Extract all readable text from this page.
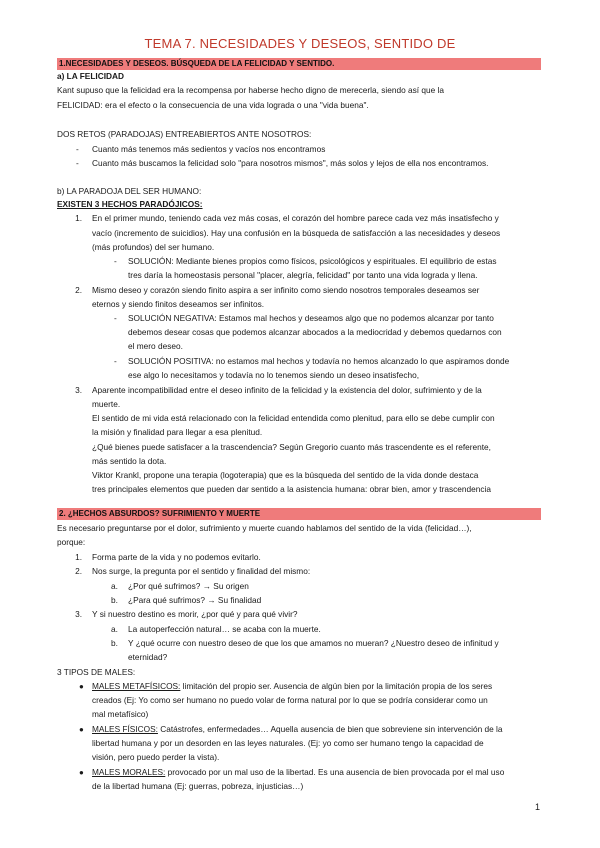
TEMA 7. NECESIDADES Y DESEOS, SENTIDO DE
1.NECESIDADES Y DESEOS. BÚSQUEDA DE LA FELICIDAD Y SENTIDO.
a) LA FELICIDAD
Kant supuso que la felicidad era la recompensa por haberse hecho digno de merecerla, siendo así que la
FELICIDAD: era el efecto o la consecuencia de una vida lograda o una "vida buena".
DOS RETOS (PARADOJAS) ENTREABIERTOS ANTE NOSOTROS:
- Cuanto más tenemos más sedientos y vacíos nos encontramos
- Cuanto más buscamos la felicidad solo "para nosotros mismos", más solos y lejos de ella nos encontramos.
b) LA PARADOJA DEL SER HUMANO:
EXISTEN 3 HECHOS PARADÓJICOS:
1. En el primer mundo, teniendo cada vez más cosas, el corazón del hombre parece cada vez más insatisfecho y
vacío (incremento de suicidios). Hay una confusión en la búsqueda de satisfacción a las necesidades y deseos
(más profundos) del ser humano.
- SOLUCIÓN: Mediante bienes propios como físicos, psicológicos y espirituales. El equilibrio de estas
tres daría la homeostasis personal "placer, alegría, felicidad" por tanto una vida lograda y llena.
2. Mismo deseo y corazón siendo finito aspira a ser infinito como siendo nosotros temporales deseamos ser
eternos y siendo finitos deseamos ser infinitos.
- SOLUCIÓN NEGATIVA: Estamos mal hechos y deseamos algo que no podemos alcanzar por tanto
debemos desear cosas que podemos alcanzar abocados a la mediocridad y debemos quedarnos con
el mero deseo.
- SOLUCIÓN POSITIVA: no estamos mal hechos y todavía no hemos alcanzado lo que aspiramos donde
ese algo lo necesitamos y todavía no lo tenemos siendo un deseo insatisfecho,
3. Aparente incompatibilidad entre el deseo infinito de la felicidad y la existencia del dolor, sufrimiento y de la
muerte.
El sentido de mi vida está relacionado con la felicidad entendida como plenitud, para ello se debe cumplir con
la misión y finalidad para llegar a esa plenitud.
¿Qué bienes puede satisfacer a la trascendencia? Según Gregorio cuanto más trascendente es el referente,
más sentido la dota.
Viktor Krankl, propone una terapia (logoterapia) que es la búsqueda del sentido de la vida donde destaca
tres principales elementos que pueden dar sentido a la asistencia humana: obrar bien, amor y trascendencia
2. ¿HECHOS ABSURDOS? SUFRIMIENTO Y MUERTE
Es necesario preguntarse por el dolor, sufrimiento y muerte cuando hablamos del sentido de la vida (felicidad…),
porque:
1. Forma parte de la vida y no podemos evitarlo.
2. Nos surge, la pregunta por el sentido y finalidad del mismo:
a. ¿Por qué sufrimos? → Su origen
b. ¿Para qué sufrimos? → Su finalidad
3. Y si nuestro destino es morir, ¿por qué y para qué vivir?
a. La autoperfección natural… se acaba con la muerte.
b. Y ¿qué ocurre con nuestro deseo de que los que amamos no mueran? ¿Nuestro deseo de infinitud y
eternidad?
3 TIPOS DE MALES:
● MALES METAFÍSICOS: limitación del propio ser. Ausencia de algún bien por la limitación propia de los seres
creados (Ej: Yo como ser humano no puedo volar de forma natural por lo que se podría considerar como un
mal metafísico)
● MALES FÍSICOS: Catástrofes, enfermedades… Aquella ausencia de bien que sobreviene sin intervención de la
libertad humana y por un desorden en las leyes naturales. (Ej: yo como ser humano tengo la capacidad de
visión, pero puedo perder la vista).
● MALES MORALES: provocado por un mal uso de la libertad. Es una ausencia de bien provocada por el mal uso
de la libertad humana (Ej: guerras, pobreza, injusticias…)
1
